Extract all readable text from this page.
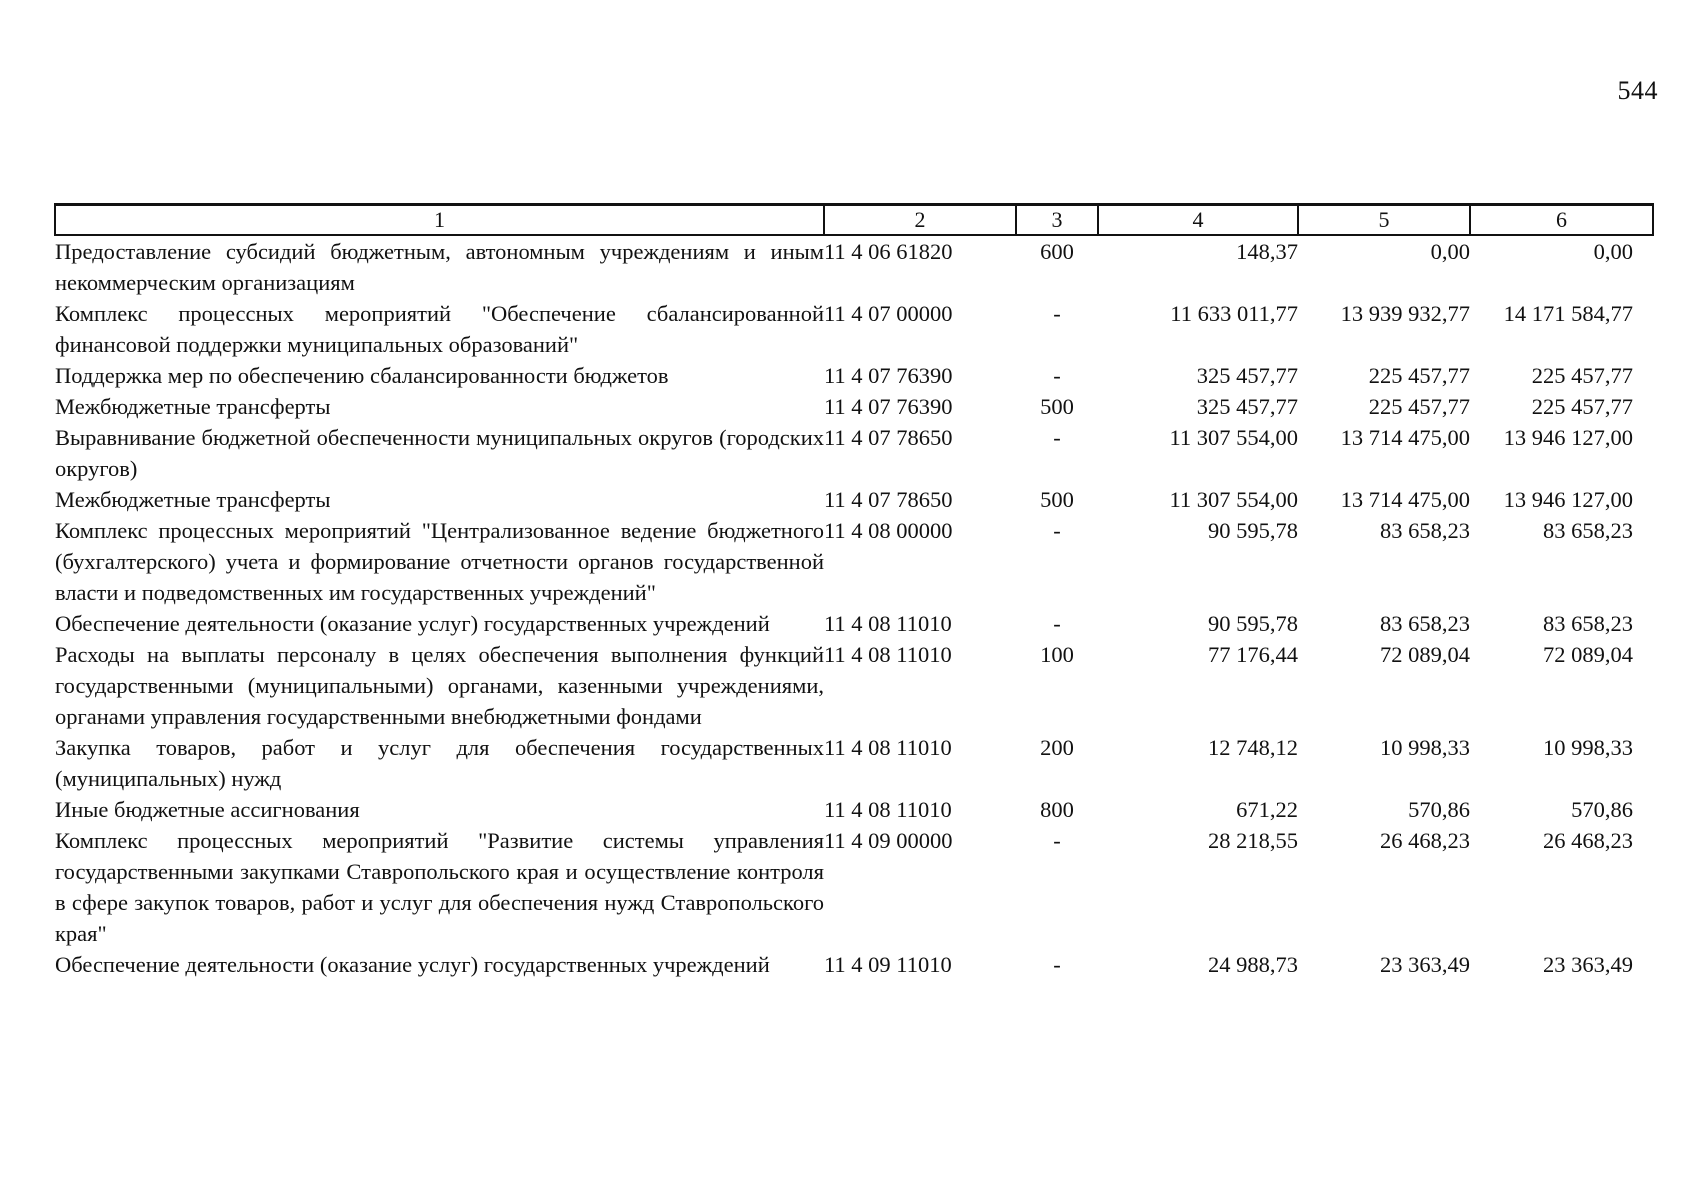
544
1	2	3	4	5	6
Предоставление субсидий бюджетным, автономным учреждениям и иным некоммерческим организациям	11 4 06 61820	600	148,37	0,00	0,00
Комплекс процессных мероприятий "Обеспечение сбалансированной финансовой поддержки муниципальных образований"	11 4 07 00000	-	11 633 011,77	13 939 932,77	14 171 584,77
Поддержка мер по обеспечению сбалансированности бюджетов	11 4 07 76390	-	325 457,77	225 457,77	225 457,77
Межбюджетные трансферты	11 4 07 76390	500	325 457,77	225 457,77	225 457,77
Выравнивание бюджетной обеспеченности муниципальных округов (городских округов)	11 4 07 78650	-	11 307 554,00	13 714 475,00	13 946 127,00
Межбюджетные трансферты	11 4 07 78650	500	11 307 554,00	13 714 475,00	13 946 127,00
Комплекс процессных мероприятий "Централизованное ведение бюджетного (бухгалтерского) учета и формирование отчетности органов государственной власти и подведомственных им государственных учреждений"	11 4 08 00000	-	90 595,78	83 658,23	83 658,23
Обеспечение деятельности (оказание услуг) государственных учреждений	11 4 08 11010	-	90 595,78	83 658,23	83 658,23
Расходы на выплаты персоналу в целях обеспечения выполнения функций государственными (муниципальными) органами, казенными учреждениями, органами управления государственными внебюджетными фондами	11 4 08 11010	100	77 176,44	72 089,04	72 089,04
Закупка товаров, работ и услуг для обеспечения государственных (муниципальных) нужд	11 4 08 11010	200	12 748,12	10 998,33	10 998,33
Иные бюджетные ассигнования	11 4 08 11010	800	671,22	570,86	570,86
Комплекс процессных мероприятий "Развитие системы управления государственными закупками Ставропольского края и осуществление контроля в сфере закупок товаров, работ и услуг для обеспечения нужд Ставропольского края"	11 4 09 00000	-	28 218,55	26 468,23	26 468,23
Обеспечение деятельности (оказание услуг) государственных учреждений	11 4 09 11010	-	24 988,73	23 363,49	23 363,49
